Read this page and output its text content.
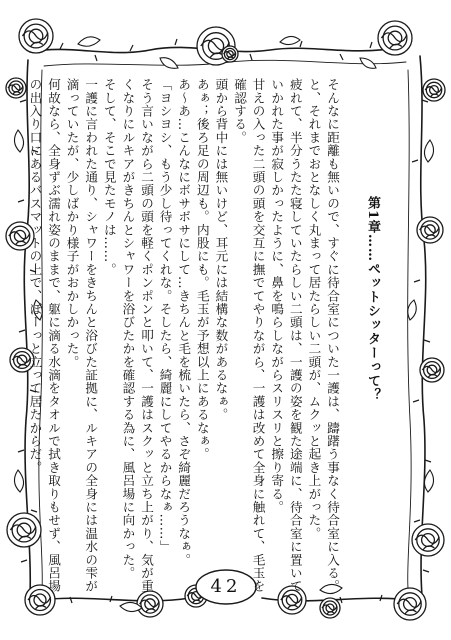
第1章……ペットシッターって？
そんなに距離も無いので、すぐに待合室についた一護は、躊躇う事なく待合室に入る。
と、それまでおとなしく丸まって居たらしい二頭が、ムクッと起き上がった。
疲れて、半分うたた寝していたらしい二頭は、一護の姿を観た途端に、待合室に置いて
いかれた事が寂しかったように、鼻を鳴らしながらスリスリと擦り寄る。
甘えの入った二頭の頭を交互に撫でてやりながら、一護は改めて全身に触れて、毛玉を
確認する。
頭から背中には無いけど、耳元には結構な数があるなぁ。
あぁ；後ろ足の周辺も。内股にも。毛玉が予想以上にあるなぁ。
あ〜あ…こんなにボサボサにして…きちんと毛を梳いたら、さぞ綺麗だろうなぁ。
「ヨシヨシ、もう少し待ってくれな。そしたら、綺麗にしてやるからなぁ……」
そう言いながら二頭の頭を軽くポンポンと叩いて、一護はスクッと立ち上がり、気が重
くなりにルキアがきちんとシャワーを浴びたかを確認する為に、風呂場に向かった。
そして、そこで見たモノは……。
一護に言われた通り、シャワーをきちんと浴びた証拠に、ルキアの全身には温水の雫が
滴っていたが、少しばかり様子がおかしかった。
何故なら、全身ずぶ濡れ姿のままで、躯に滴る水滴をタオルで拭き取りもせず、風呂場
の出入り口にあるバスマットの上で、ぼーっと立って居たからだ。
42
